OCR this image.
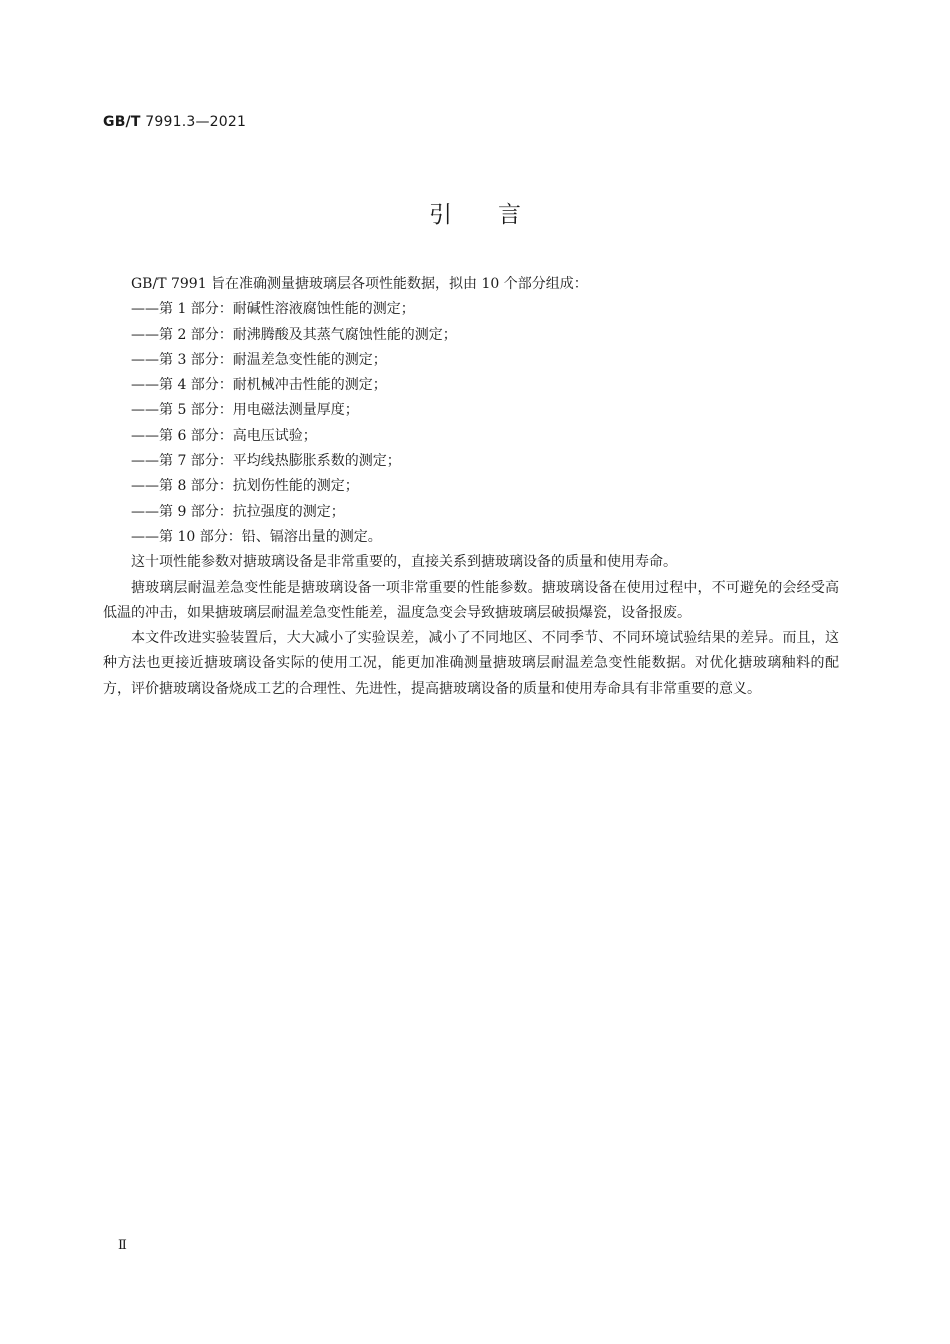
GB/T 7991.3—2021
引言
GB/T 7991 旨在准确测量搪玻璃层各项性能数据，拟由 10 个部分组成：
——第 1 部分：耐碱性溶液腐蚀性能的测定；
——第 2 部分：耐沸腾酸及其蒸气腐蚀性能的测定；
——第 3 部分：耐温差急变性能的测定；
——第 4 部分：耐机械冲击性能的测定；
——第 5 部分：用电磁法测量厚度；
——第 6 部分：高电压试验；
——第 7 部分：平均线热膨胀系数的测定；
——第 8 部分：抗划伤性能的测定；
——第 9 部分：抗拉强度的测定；
——第 10 部分：铅、镉溶出量的测定。
这十项性能参数对搪玻璃设备是非常重要的，直接关系到搪玻璃设备的质量和使用寿命。
搪玻璃层耐温差急变性能是搪玻璃设备一项非常重要的性能参数。搪玻璃设备在使用过程中，不可避免的会经受高低温的冲击，如果搪玻璃层耐温差急变性能差，温度急变会导致搪玻璃层破损爆瓷，设备报废。
本文件改进实验装置后，大大减小了实验误差，减小了不同地区、不同季节、不同环境试验结果的差异。而且，这种方法也更接近搪玻璃设备实际的使用工况，能更加准确测量搪玻璃层耐温差急变性能数据。对优化搪玻璃釉料的配方，评价搪玻璃设备烧成工艺的合理性、先进性，提高搪玻璃设备的质量和使用寿命具有非常重要的意义。
Ⅱ
